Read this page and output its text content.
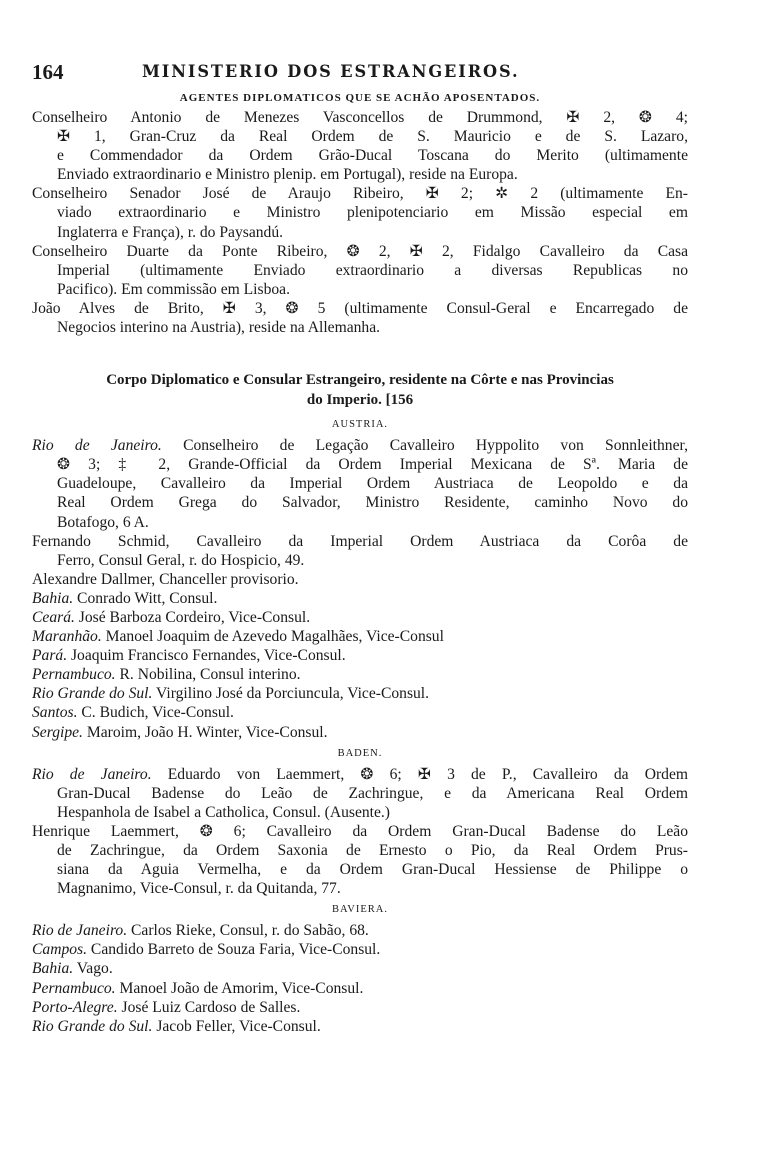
164	MINISTERIO DOS ESTRANGEIROS.
AGENTES DIPLOMATICOS QUE SE ACHÃO APOSENTADOS.
Conselheiro Antonio de Menezes Vasconcellos de Drummond, ✠ 2, ❂ 4;
✠ 1, Gran-Cruz da Real Ordem de S. Mauricio e de S. Lazaro,
e Commendador da Ordem Grão-Ducal Toscana do Merito (ultimamente
Enviado extraordinario e Ministro plenip. em Portugal), reside na Europa.
Conselheiro Senador José de Araujo Ribeiro, ✠ 2; ✲ 2 (ultimamente En-
viado extraordinario e Ministro plenipotenciario em Missão especial em
Inglaterra e França), r. do Paysandú.
Conselheiro Duarte da Ponte Ribeiro, ❂ 2, ✠ 2, Fidalgo Cavalleiro da Casa
Imperial (ultimamente Enviado extraordinario a diversas Republicas no
Pacifico). Em commissão em Lisboa.
João Alves de Brito, ✠ 3, ❂ 5 (ultimamente Consul-Geral e Encarregado de
Negocios interino na Austria), reside na Allemanha.
Corpo Diplomatico e Consular Estrangeiro, residente na Côrte e nas Provincias
do Imperio. [156
AUSTRIA.
Rio de Janeiro. Conselheiro de Legação Cavalleiro Hyppolito von Sonnleithner,
❂ 3; ‡ 2, Grande-Official da Ordem Imperial Mexicana de Sª. Maria de
Guadeloupe, Cavalleiro da Imperial Ordem Austriaca de Leopoldo e da
Real Ordem Grega do Salvador, Ministro Residente, caminho Novo do
Botafogo, 6 A.
Fernando Schmid, Cavalleiro da Imperial Ordem Austriaca da Corôa de
Ferro, Consul Geral, r. do Hospicio, 49.
Alexandre Dallmer, Chanceller provisorio.
Bahia. Conrado Witt, Consul.
Ceará. José Barboza Cordeiro, Vice-Consul.
Maranhão. Manoel Joaquim de Azevedo Magalhães, Vice-Consul
Pará. Joaquim Francisco Fernandes, Vice-Consul.
Pernambuco. R. Nobilina, Consul interino.
Rio Grande do Sul. Virgilino José da Porciuncula, Vice-Consul.
Santos. C. Budich, Vice-Consul.
Sergipe. Maroim, João H. Winter, Vice-Consul.
BADEN.
Rio de Janeiro. Eduardo von Laemmert, ❂ 6; ✠ 3 de P., Cavalleiro da Ordem
Gran-Ducal Badense do Leão de Zachringue, e da Americana Real Ordem
Hespanhola de Isabel a Catholica, Consul. (Ausente.)
Henrique Laemmert, ❂ 6; Cavalleiro da Ordem Gran-Ducal Badense do Leão
de Zachringue, da Ordem Saxonia de Ernesto o Pio, da Real Ordem Prus-
siana da Aguia Vermelha, e da Ordem Gran-Ducal Hessiense de Philippe o
Magnanimo, Vice-Consul, r. da Quitanda, 77.
BAVIERA.
Rio de Janeiro. Carlos Rieke, Consul, r. do Sabão, 68.
Campos. Candido Barreto de Souza Faria, Vice-Consul.
Bahia. Vago.
Pernambuco. Manoel João de Amorim, Vice-Consul.
Porto-Alegre. José Luiz Cardoso de Salles.
Rio Grande do Sul. Jacob Feller, Vice-Consul.
